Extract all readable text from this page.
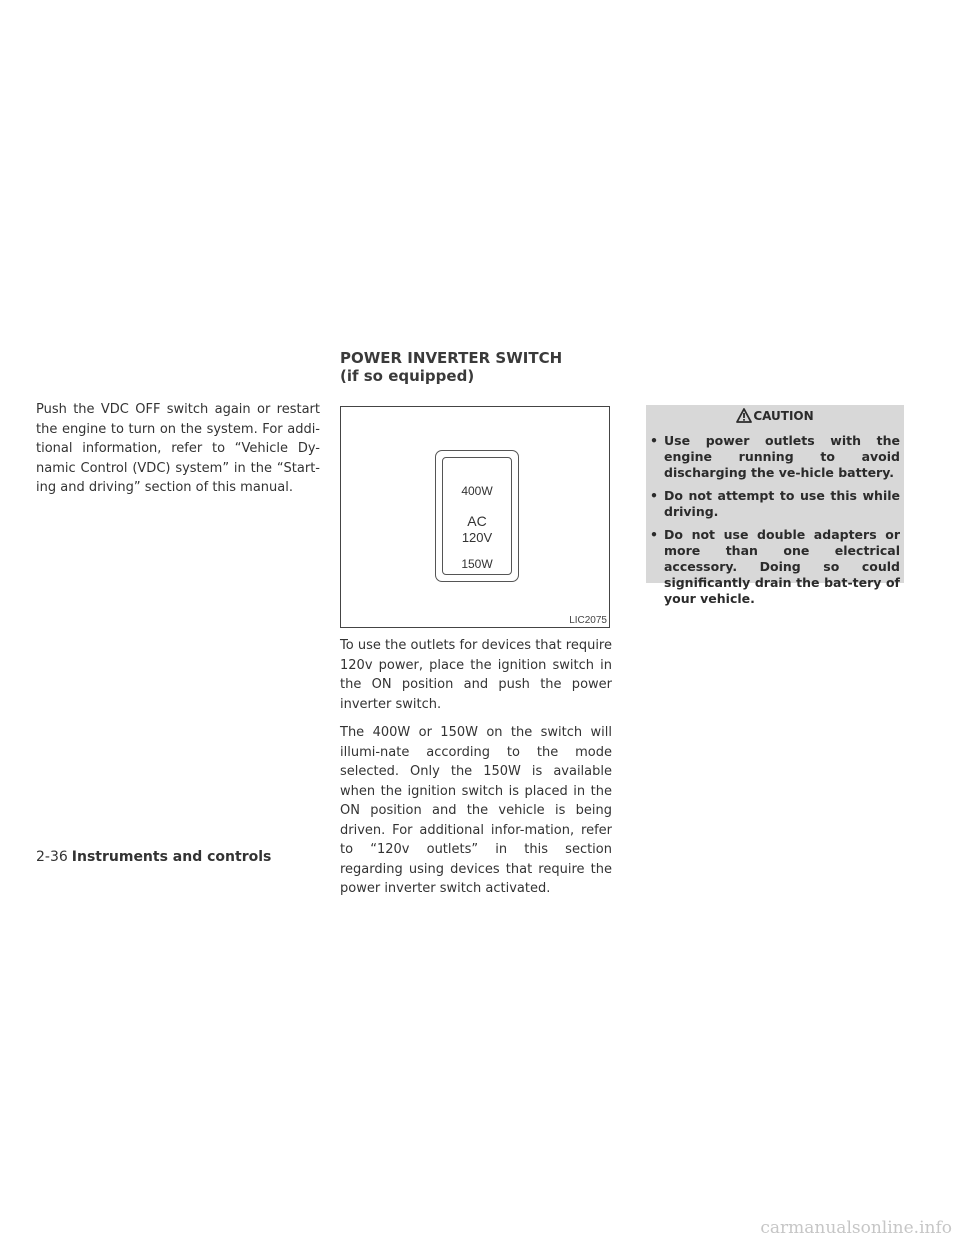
Push the VDC OFF switch again or restart the engine to turn on the system. For addi-tional information, refer to “Vehicle Dy-namic Control (VDC) system” in the “Start-ing and driving” section of this manual.

POWER INVERTER SWITCH
(if so equipped)
400W
AC
120V
150W
LIC2075

To use the outlets for devices that require 120v power, place the ignition switch in the ON position and push the power inverter switch.

The 400W or 150W on the switch will illumi-nate according to the mode selected. Only the 150W is available when the ignition switch is placed in the ON position and the vehicle is being driven. For additional infor-mation, refer to “120v outlets” in this section regarding using devices that require the power inverter switch activated.

CAUTION
• Use power outlets with the engine running to avoid discharging the ve-hicle battery.
• Do not attempt to use this while driving.
• Do not use double adapters or more than one electrical accessory. Doing so could significantly drain the bat-tery of your vehicle.
2-36 Instruments and controls
carmanualsonline.info
